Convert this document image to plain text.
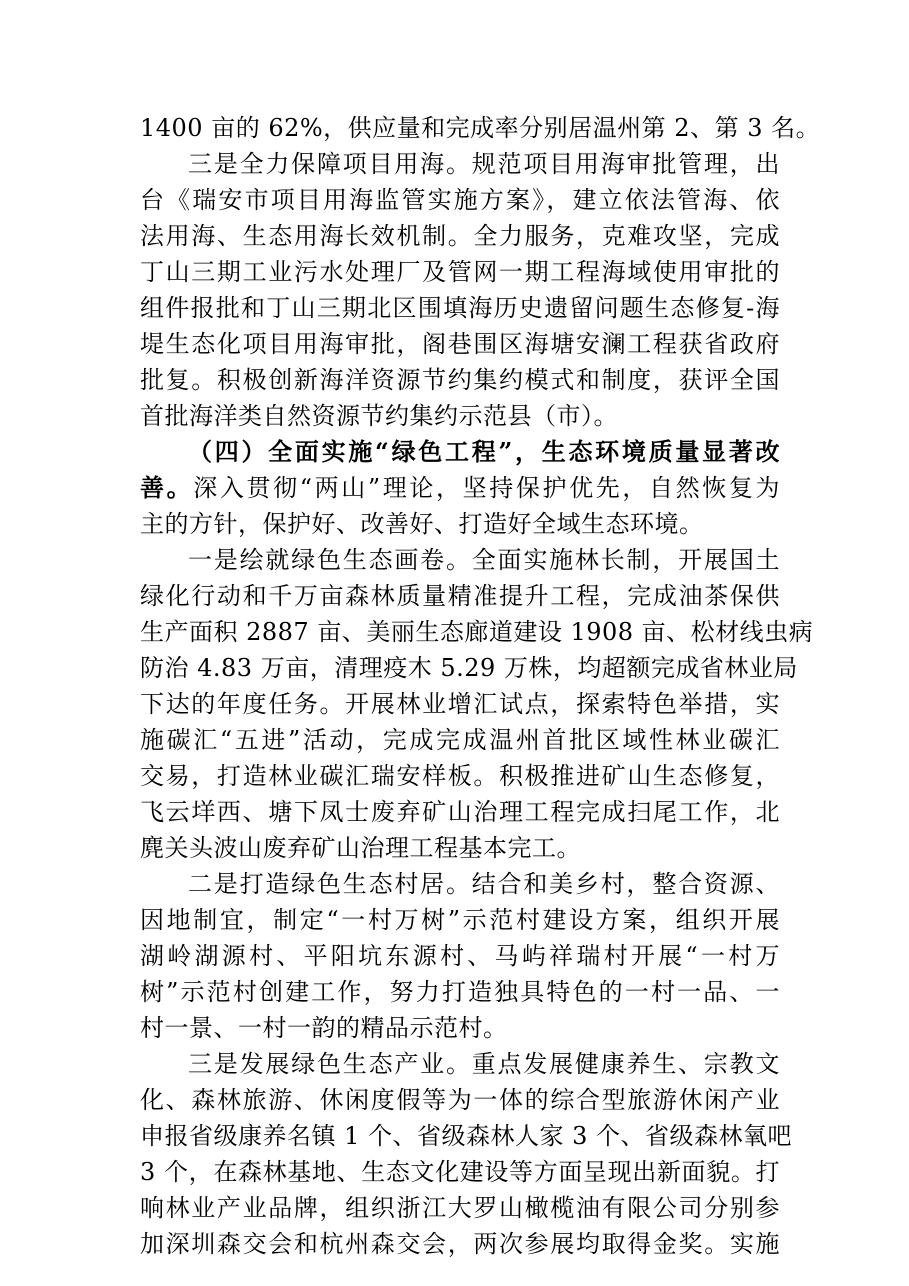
1400 亩的 62%，供应量和完成率分别居温州第 2、第 3 名。
三是全力保障项目用海。规范项目用海审批管理，出
台《瑞安市项目用海监管实施方案》，建立依法管海、依
法用海、生态用海长效机制。全力服务，克难攻坚，完成
丁山三期工业污水处理厂及管网一期工程海域使用审批的
组件报批和丁山三期北区围填海历史遗留问题生态修复-海
堤生态化项目用海审批，阁巷围区海塘安澜工程获省政府
批复。积极创新海洋资源节约集约模式和制度，获评全国
首批海洋类自然资源节约集约示范县（市）。
（四）全面实施“绿色工程”，生态环境质量显著改
善。深入贯彻“两山”理论，坚持保护优先，自然恢复为
主的方针，保护好、改善好、打造好全域生态环境。
一是绘就绿色生态画卷。全面实施林长制，开展国土
绿化行动和千万亩森林质量精准提升工程，完成油茶保供
生产面积 2887 亩、美丽生态廊道建设 1908 亩、松材线虫病
防治 4.83 万亩，清理疫木 5.29 万株，均超额完成省林业局
下达的年度任务。开展林业增汇试点，探索特色举措，实
施碳汇“五进”活动，完成完成温州首批区域性林业碳汇
交易，打造林业碳汇瑞安样板。积极推进矿山生态修复，
飞云垟西、塘下凤士废弃矿山治理工程完成扫尾工作，北
麂关头波山废弃矿山治理工程基本完工。
二是打造绿色生态村居。结合和美乡村，整合资源、
因地制宜，制定“一村万树”示范村建设方案，组织开展
湖岭湖源村、平阳坑东源村、马屿祥瑞村开展“一村万
树”示范村创建工作，努力打造独具特色的一村一品、一
村一景、一村一韵的精品示范村。
三是发展绿色生态产业。重点发展健康养生、宗教文
化、森林旅游、休闲度假等为一体的综合型旅游休闲产业
申报省级康养名镇 1 个、省级森林人家 3 个、省级森林氧吧
3 个，在森林基地、生态文化建设等方面呈现出新面貌。打
响林业产业品牌，组织浙江大罗山橄榄油有限公司分别参
加深圳森交会和杭州森交会，两次参展均取得金奖。实施
